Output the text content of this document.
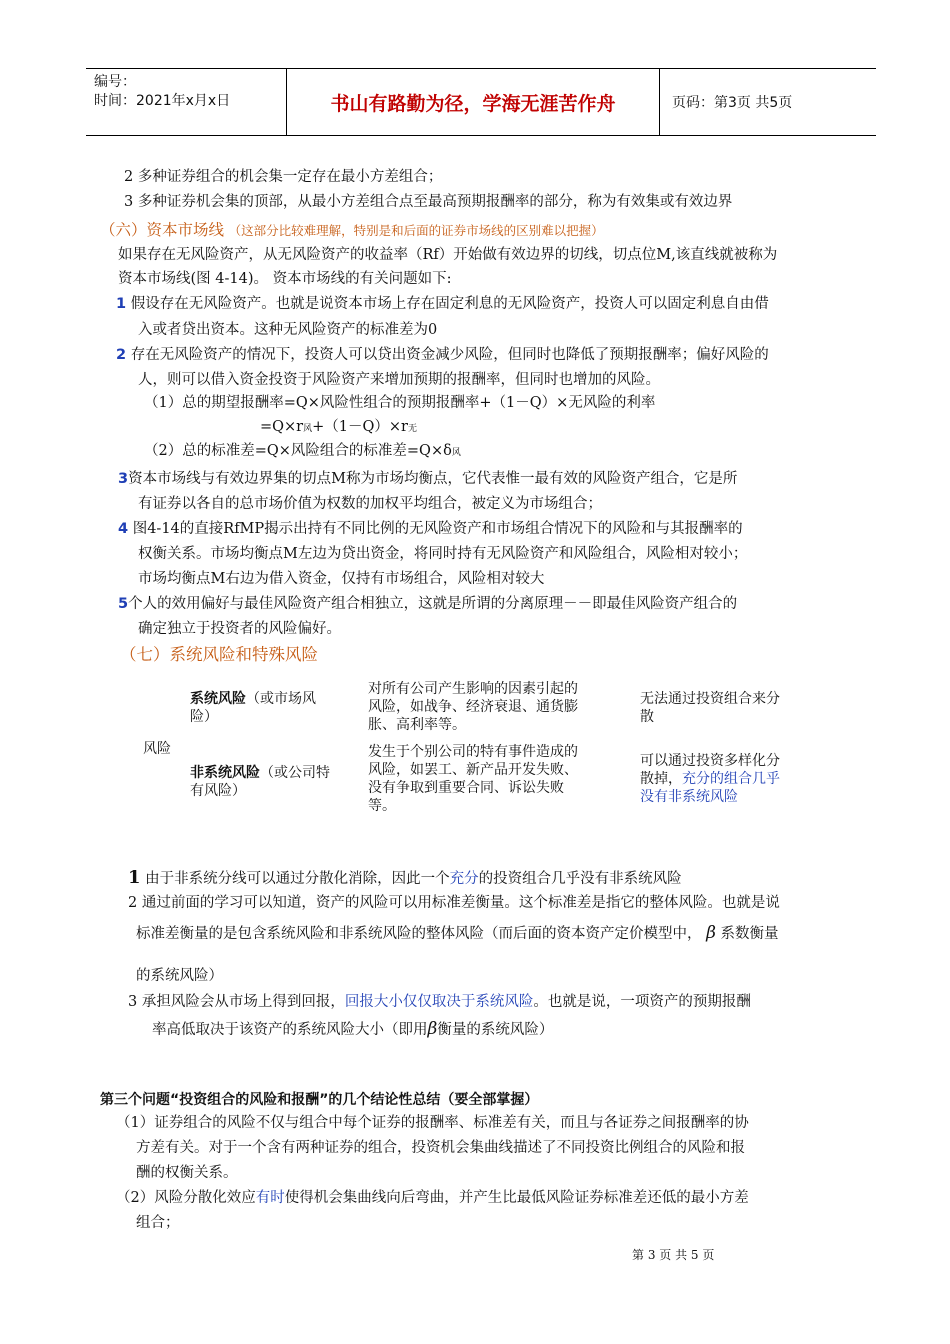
编号：
时间：2021年x月x日	书山有路勤为径，学海无涯苦作舟	页码：第3页 共5页
2 多种证券组合的机会集一定存在最小方差组合；
3 多种证券机会集的顶部，从最小方差组合点至最高预期报酬率的部分，称为有效集或有效边界
（六）资本市场线 （这部分比较难理解，特别是和后面的证券市场线的区别难以把握）
如果存在无风险资产，从无风险资产的收益率（Rf）开始做有效边界的切线，切点位M,该直线就被称为
资本市场线(图 4-14)。 资本市场线的有关问题如下:
1 假设存在无风险资产。也就是说资本市场上存在固定利息的无风险资产，投资人可以固定利息自由借
入或者贷出资本。这种无风险资产的标准差为0
2 存在无风险资产的情况下，投资人可以贷出资金减少风险，但同时也降低了预期报酬率；偏好风险的
人，则可以借入资金投资于风险资产来增加预期的报酬率，但同时也增加的风险。
（1）总的期望报酬率=Q×风险性组合的预期报酬率+（1－Q）×无风险的利率
=Q×r风+（1－Q）×r无
（2）总的标准差=Q×风险组合的标准差=Q×δ风
3资本市场线与有效边界集的切点M称为市场均衡点，它代表惟一最有效的风险资产组合，它是所
有证券以各自的总市场价值为权数的加权平均组合，被定义为市场组合；
4 图4-14的直接RfMP揭示出持有不同比例的无风险资产和市场组合情况下的风险和与其报酬率的
权衡关系。市场均衡点M左边为贷出资金，将同时持有无风险资产和风险组合，风险相对较小；
市场均衡点M右边为借入资金，仅持有市场组合，风险相对较大
5个人的效用偏好与最佳风险资产组合相独立，这就是所谓的分离原理－－即最佳风险资产组合的
确定独立于投资者的风险偏好。
（七）系统风险和特殊风险
风险
系统风险（或市场风
险）
对所有公司产生影响的因素引起的
风险，如战争、经济衰退、通货膨
胀、高利率等。
无法通过投资组合来分
散
非系统风险（或公司特
有风险）
发生于个别公司的特有事件造成的
风险，如罢工、新产品开发失败、
没有争取到重要合同、诉讼失败
等。
可以通过投资多样化分
散掉，充分的组合几乎
没有非系统风险
1 由于非系统分线可以通过分散化消除，因此一个充分的投资组合几乎没有非系统风险
2 通过前面的学习可以知道，资产的风险可以用标准差衡量。这个标准差是指它的整体风险。也就是说
标准差衡量的是包含系统风险和非系统风险的整体风险（而后面的资本资产定价模型中， β 系数衡量
的系统风险）
3 承担风险会从市场上得到回报，回报大小仅仅取决于系统风险。也就是说，一项资产的预期报酬
率高低取决于该资产的系统风险大小（即用β衡量的系统风险）
第三个问题“投资组合的风险和报酬”的几个结论性总结（要全部掌握）
（1）证券组合的风险不仅与组合中每个证券的报酬率、标准差有关，而且与各证券之间报酬率的协
方差有关。对于一个含有两种证券的组合，投资机会集曲线描述了不同投资比例组合的风险和报
酬的权衡关系。
（2）风险分散化效应有时使得机会集曲线向后弯曲，并产生比最低风险证券标准差还低的最小方差
组合；
第 3 页 共 5 页
